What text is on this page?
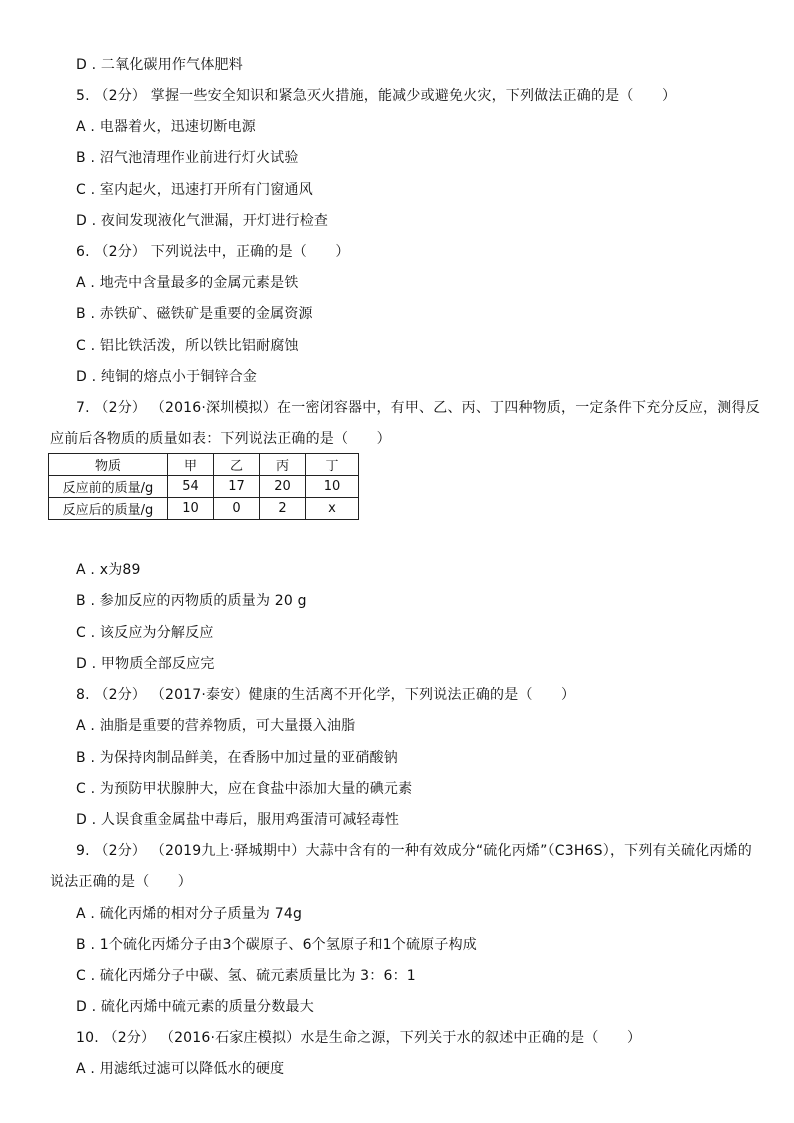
D . 二氧化碳用作气体肥料
5. （2分） 掌握一些安全知识和紧急灭火措施，能减少或避免火灾，下列做法正确的是（　　）
A . 电器着火，迅速切断电源
B . 沼气池清理作业前进行灯火试验
C . 室内起火，迅速打开所有门窗通风
D . 夜间发现液化气泄漏，开灯进行检查
6. （2分） 下列说法中，正确的是（　　）
A . 地壳中含量最多的金属元素是铁
B . 赤铁矿、磁铁矿是重要的金属资源
C . 铝比铁活泼，所以铁比铝耐腐蚀
D . 纯铜的熔点小于铜锌合金
7. （2分） （2016·深圳模拟）在一密闭容器中，有甲、乙、丙、丁四种物质，一定条件下充分反应，测得反
应前后各物质的质量如表：下列说法正确的是（　　）
物质	甲	乙	丙	丁
反应前的质量/g	54	17	20	10
反应后的质量/g	10	0	2	x
A . x为89
B . 参加反应的丙物质的质量为 20 g
C . 该反应为分解反应
D . 甲物质全部反应完
8. （2分） （2017·泰安）健康的生活离不开化学，下列说法正确的是（　　）
A . 油脂是重要的营养物质，可大量摄入油脂
B . 为保持肉制品鲜美，在香肠中加过量的亚硝酸钠
C . 为预防甲状腺肿大，应在食盐中添加大量的碘元素
D . 人误食重金属盐中毒后，服用鸡蛋清可减轻毒性
9. （2分） （2019九上·驿城期中）大蒜中含有的一种有效成分“硫化丙烯”（C3H6S），下列有关硫化丙烯的
说法正确的是（　　）
A . 硫化丙烯的相对分子质量为 74g
B . 1个硫化丙烯分子由3个碳原子、6个氢原子和1个硫原子构成
C . 硫化丙烯分子中碳、氢、硫元素质量比为 3：6：1
D . 硫化丙烯中硫元素的质量分数最大
10. （2分） （2016·石家庄模拟）水是生命之源，下列关于水的叙述中正确的是（　　）
A . 用滤纸过滤可以降低水的硬度
